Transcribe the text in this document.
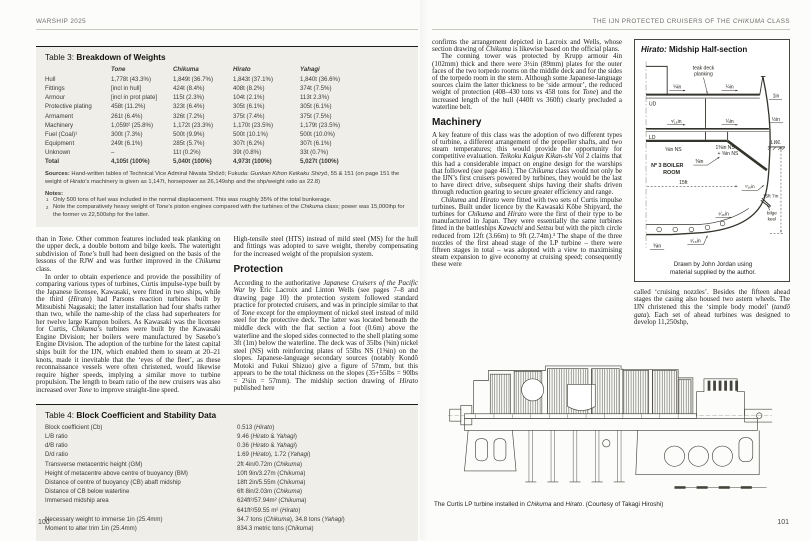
WARSHIP 2025
Table 3: Breakdown of Weights
	Tone	Chikuma	Hirato	Yahagi
Hull	1,778t (43.3%)	1,849t (36.7%)	1,843t (37.1%)	1,840t (36.6%)
Fittings	[incl in hull]	424t (8.4%)	408t (8.2%)	374t (7.5%)
Armour	[incl in prot plate]	115t (2.3%)	104t (2.1%)	113t 2.3%)
Protective plating	458t (11.2%)	323t (6.4%)	305t (6.1%)	305t (6.1%)
Armament	261t (6.4%)	326t (7.2%)	375t (7.4%)	375t (7.5%)
Machinery	1,059t² (25.8%)	1,172t (23.3%)	1,170t (23.5%)	1,179t (23.5%)
Fuel (Coal)¹	300t (7.3%)	500t (9.9%)	500t (10.1%)	500t (10.0%)
Equipment	249t (6.1%)	285t (5.7%)	307t (6.2%)	307t (6.1%)
Unknown	–	11t (0.2%)	39t (0.8%)	33t (0.7%)
Total	4,105t (100%)	5,040t (100%)	4,973t (100%)	5,027t (100%)
Sources: Hand-written tables of Technical Vice Admiral Niwata Shōzō; Fukuda: Gunkan Kihon Keikaku Shiryō, 55 & 151 (on page 151 the weight of Hirato’s machinery is given as 1,147t, horsepower as 26,149shp and the shp/weight ratio as 22.8)
Notes:
1 Only 500 tons of fuel was included in the normal displacement. This was roughly 35% of the total bunkerage.
2 Note the comparatively heavy weight of Tone’s piston engines compared with the turbines of the Chikuma class; power was 15,000ihp for the former vs 22,500shp for the latter.

than in Tone. Other common features included teak planking on the upper deck, a double bottom and bilge keels. The watertight subdivision of Tone’s hull had been designed on the basis of the lessons of the RJW and was further improved in the Chikuma class.

In order to obtain experience and provide the possibility of comparing various types of turbines, Curtis impulse-type built by the Japanese licensee, Kawasaki, were fitted in two ships, while the third (Hirato) had Parsons reaction turbines built by Mitsubishi Nagasaki; the latter installation had four shafts rather than two, while the name-ship of the class had superheaters for her twelve large Kampon boilers. As Kawasaki was the licensee for Curtis, Chikuma’s turbines were built by the Kawasaki Engine Division; her boilers were manufactured by Sasebo’s Engine Division. The adoption of the turbine for the latest capital ships built for the IJN, which enabled them to steam at 20–21 knots, made it inevitable that the ‘eyes of the fleet’, as these reconnaissance vessels were often christened, would likewise require higher speeds, implying a similar move to turbine propulsion. The length to beam ratio of the new cruisers was also increased over Tone to improve straight-line speed.

High-tensile steel (HTS) instead of mild steel (MS) for the hull and fittings was adopted to save weight, thereby compensating for the increased weight of the propulsion system.

Protection

According to the authoritative Japanese Cruisers of the Pacific War by Eric Lacroix and Linton Wells (see pages 7–8 and drawing page 10) the protection system followed standard practice for protected cruisers, and was in principle similar to that of Tone except for the employment of nickel steel instead of mild steel for the protective deck. The latter was located beneath the middle deck with the flat section a foot (0.6m) above the waterline and the sloped sides connected to the shell plating some 3ft (1m) below the waterline. The deck was of 35lbs (⅝in) nickel steel (NS) with reinforcing plates of 55lbs NS (1⅜in) on the slopes. Japanese-language secondary sources (notably Kondō Motoki and Fukui Shizuo) give a figure of 57mm, but this appears to be the total thickness on the slopes (35+55lbs = 90lbs = 2¼in = 57mm). The midship section drawing of Hirato published here

Table 4: Block Coefficient and Stability Data
Block coefficient (Cb)	0.513 (Hirato)
L/B ratio	9.46 (Hirato & Yahagi)
d/B ratio	0.36 (Hirato & Yahagi)
D/d ratio	1.69 (Hirato), 1.72 (Yahagi)
Transverse metacentric height (GM)	2ft 4in/0.72m (Chikuma)
Height of metacentre above centre of buoyancy (BM)	10ft 9in/3.27m (Chikuma)
Distance of centre of buoyancy (CB) abaft midship	18ft 2in/5.55m (Chikuma)
Distance of CB below waterline	6ft 8in/2.03m (Chikuma)
Immersed midship area	624ft²/57.94m² (Chikuma)
	641ft²/59.55 m² (Hirato)
Necessary weight to immerse 1in (25.4mm)	34.7 tons (Chikuma), 34.8 tons (Yahagi)
Moment to alter trim 1in (25.4mm)	834.3 metric tons (Chikuma)
THE IJN PROTECTED CRUISERS OF THE CHIKUMA CLASS

confirms the arrangement depicted in Lacroix and Wells, whose section drawing of Chikuma is likewise based on the official plans.

The conning tower was protected by Krupp armour 4in (102mm) thick and there were 3½in (89mm) plates for the outer faces of the two torpedo rooms on the middle deck and for the sides of the torpedo room in the stern. Although some Japanese-language sources claim the latter thickness to be ‘side armour’, the reduced weight of protection (408–430 tons vs 458 tons for Tone) and the increased length of the hull (440ft vs 360ft) clearly precluded a waterline belt.

Machinery

A key feature of this class was the adoption of two different types of turbine, a different arrangement of the propeller shafts, and two steam temperatures; this would provide the opportunity for competitive evaluation. Teikoku Kaigun Kikan-shi Vol 2 claims that this had a considerable impact on engine design for the warships that followed (see page 461). The Chikuma class would not only be the IJN’s first cruisers powered by turbines, they would be the last to have direct drive, subsequent ships having their shafts driven through reduction gearing to secure greater efficiency and range.

Chikuma and Hirato were fitted with two sets of Curtis impulse turbines. Built under licence by the Kawasaki Kōbe Shipyard, the turbines for Chikuma and Hirato were the first of their type to be manufactured in Japan. They were essentially the same turbines fitted in the battleships Kawachi and Settsu but with the pitch circle reduced from 12ft (3.66m) to 9ft (2.74m).³ The shape of the three nozzles of the first ahead stage of the LP turbine – there were fifteen stages in total – was adopted with a view to maximising steam expansion to give economy at cruising speed; consequently these were

Hirato: Midship Half-section
UD
LD
teak deck
planking
¼in	¼in
1in
⁵⁄₁₆in	¼in	½in
⅝in NS	1⅜in NS
+ ⅝in NS
LWL
Nº 3 BOILER
ROOM
15ft
⅜in
⁷⁄₁₆in
15ft 7in
bilge
keel
⁵⁄₁₆in
⁵⁄₁₆in
⅜in
Drawn by John Jordan using
material supplied by the author.

called ‘cruising nozzles’. Besides the fifteen ahead stages the casing also housed two astern wheels. The IJN christened this the ‘simple body model’ (tandō gata). Each set of ahead turbines was designed to develop 11,250shp,

The Curtis LP turbine installed in Chikuma and Hirato. (Courtesy of Takagi Hiroshi)
100	101
